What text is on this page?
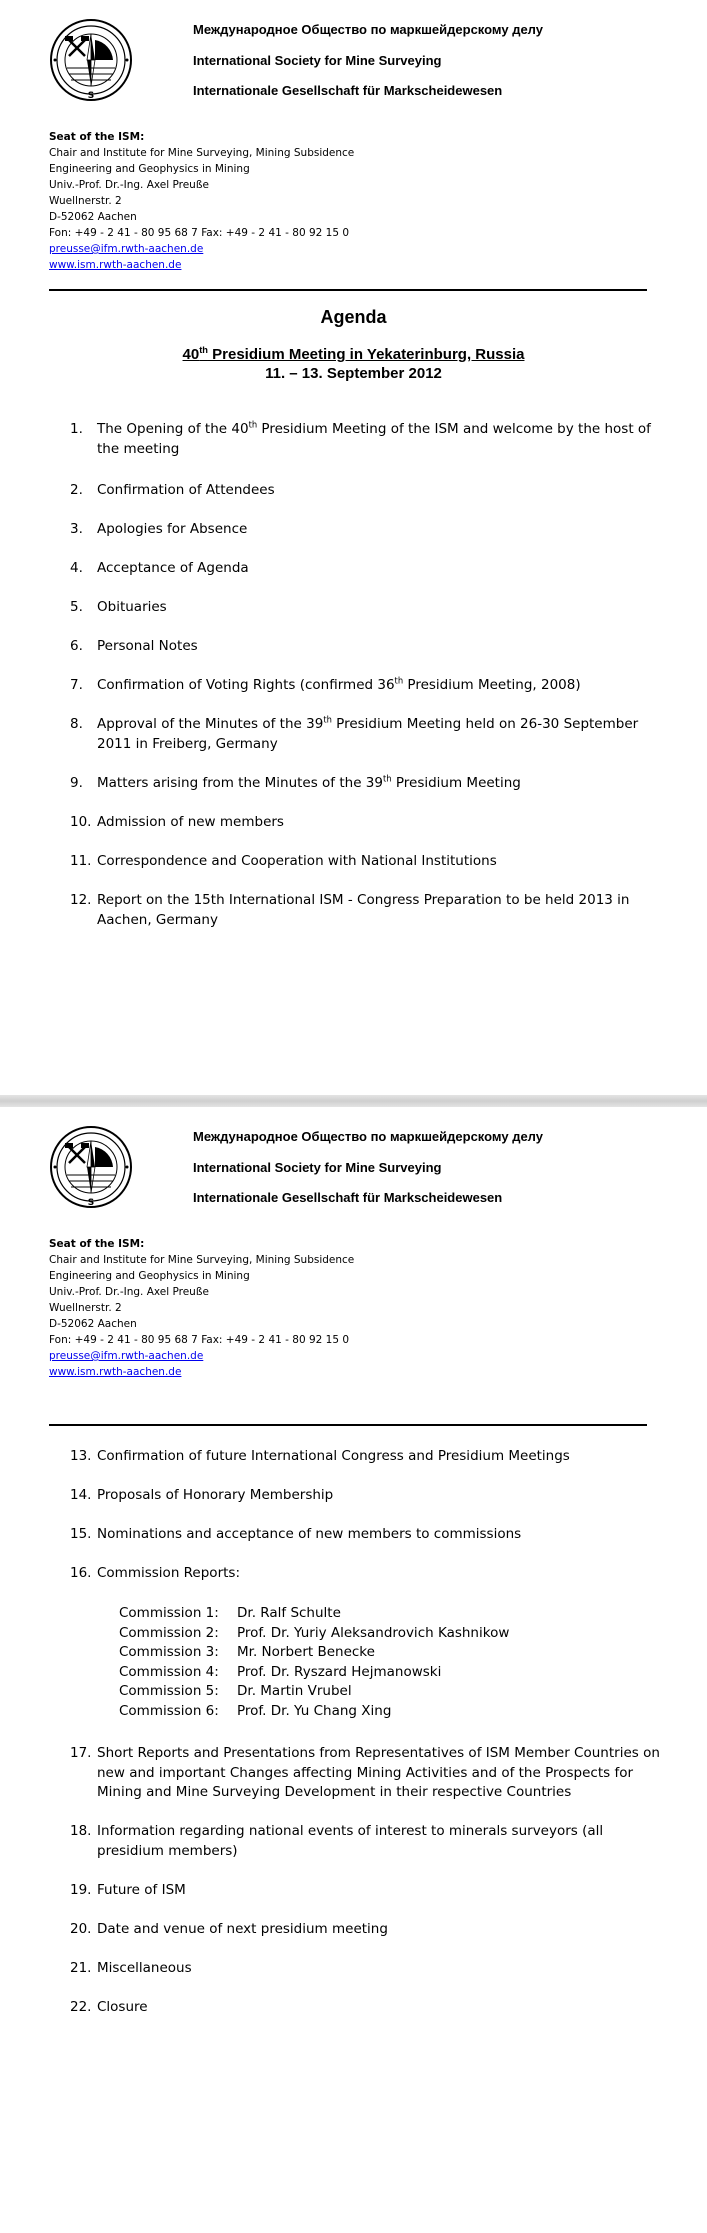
S
Международное Общество по маркшейдерскому делу
International Society for Mine Surveying
Internationale Gesellschaft für Markscheidewesen
Seat of the ISM:
Chair and Institute for Mine Surveying, Mining Subsidence
Engineering and Geophysics in Mining
Univ.-Prof. Dr.-Ing. Axel Preuße
Wuellnerstr. 2
D-52062 Aachen
Fon: +49 - 2 41 - 80 95 68 7 Fax: +49 - 2 41 - 80 92 15 0
preusse@ifm.rwth-aachen.de
www.ism.rwth-aachen.de
Agenda
40th Presidium Meeting in Yekaterinburg, Russia
11. – 13. September 2012
1.	The Opening of the 40th Presidium Meeting of the ISM and welcome by the host of the meeting
2.	Confirmation of Attendees
3.	Apologies for Absence
4.	Acceptance of Agenda
5.	Obituaries
6.	Personal Notes
7.	Confirmation of Voting Rights (confirmed 36th Presidium Meeting, 2008)
8.	Approval of the Minutes of the 39th Presidium Meeting held on 26-30 September 2011 in Freiberg, Germany
9.	Matters arising from the Minutes of the 39th Presidium Meeting
10. Admission of new members
11. Correspondence and Cooperation with National Institutions
12. Report on the 15th International ISM - Congress Preparation to be held 2013 in Aachen, Germany
S
Международное Общество по маркшейдерскому делу
International Society for Mine Surveying
Internationale Gesellschaft für Markscheidewesen
Seat of the ISM:
Chair and Institute for Mine Surveying, Mining Subsidence
Engineering and Geophysics in Mining
Univ.-Prof. Dr.-Ing. Axel Preuße
Wuellnerstr. 2
D-52062 Aachen
Fon: +49 - 2 41 - 80 95 68 7 Fax: +49 - 2 41 - 80 92 15 0
preusse@ifm.rwth-aachen.de
www.ism.rwth-aachen.de
13. Confirmation of future International Congress and Presidium Meetings
14. Proposals of Honorary Membership
15. Nominations and acceptance of new members to commissions
16. Commission Reports:
17. Short Reports and Presentations from Representatives of ISM Member Countries on new and important Changes affecting Mining Activities and of the Prospects for Mining and Mine Surveying Development in their respective Countries
18. Information regarding national events of interest to minerals surveyors (all presidium members)
19. Future of ISM
20. Date and venue of next presidium meeting
21. Miscellaneous
22. Closure
Commission 1: Dr. Ralf Schulte
Commission 2: Prof. Dr. Yuriy Aleksandrovich Kashnikow
Commission 3: Mr. Norbert Benecke
Commission 4: Prof. Dr. Ryszard Hejmanowski
Commission 5: Dr. Martin Vrubel
Commission 6: Prof. Dr. Yu Chang Xing
